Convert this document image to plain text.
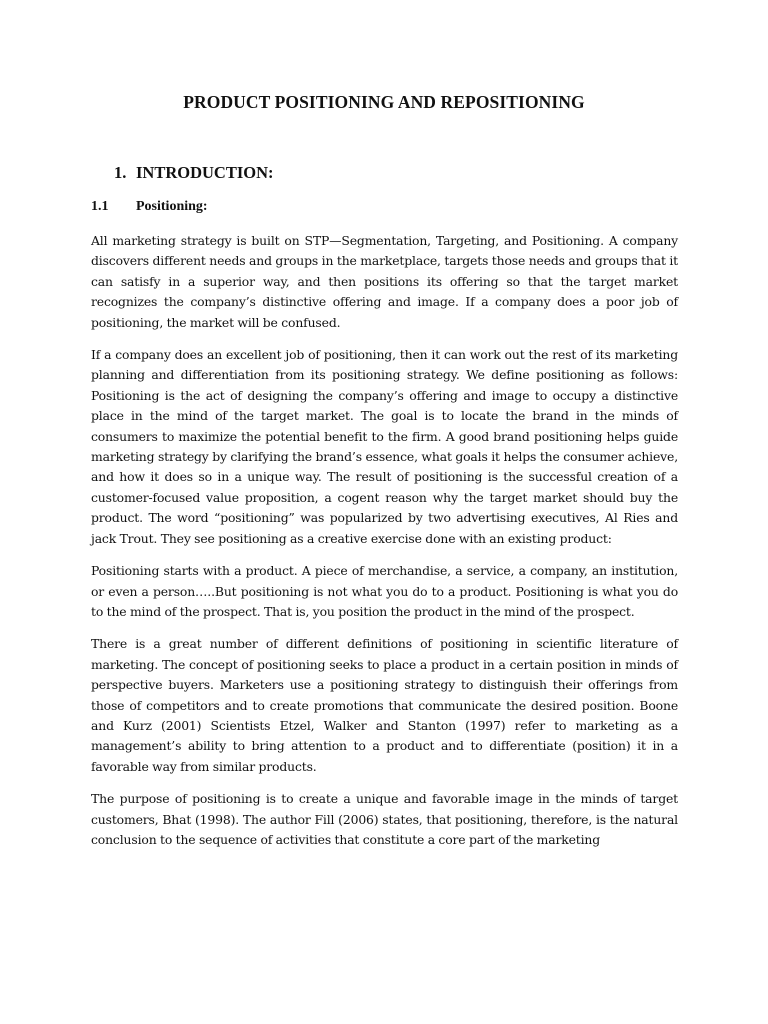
PRODUCT POSITIONING AND REPOSITIONING
1. INTRODUCTION:
1.1 Positioning:

All marketing strategy is built on STP—Segmentation, Targeting, and Positioning. A company discovers different needs and groups in the marketplace, targets those needs and groups that it can satisfy in a superior way, and then positions its offering so that the target market recognizes the company’s distinctive offering and image. If a company does a poor job of positioning, the market will be confused.

If a company does an excellent job of positioning, then it can work out the rest of its marketing planning and differentiation from its positioning strategy. We define positioning as follows: Positioning is the act of designing the company’s offering and image to occupy a distinctive place in the mind of the target market. The goal is to locate the brand in the minds of consumers to maximize the potential benefit to the firm. A good brand positioning helps guide marketing strategy by clarifying the brand’s essence, what goals it helps the consumer achieve, and how it does so in a unique way. The result of positioning is the successful creation of a customer-focused value proposition, a cogent reason why the target market should buy the product. The word “positioning” was popularized by two advertising executives, Al Ries and jack Trout. They see positioning as a creative exercise done with an existing product:

Positioning starts with a product. A piece of merchandise, a service, a company, an institution, or even a person…..But positioning is not what you do to a product. Positioning is what you do to the mind of the prospect. That is, you position the product in the mind of the prospect.

There is a great number of different definitions of positioning in scientific literature of marketing. The concept of positioning seeks to place a product in a certain position in minds of perspective buyers. Marketers use a positioning strategy to distinguish their offerings from those of competitors and to create promotions that communicate the desired position. Boone and Kurz (2001) Scientists Etzel, Walker and Stanton (1997) refer to marketing as a management’s ability to bring attention to a product and to differentiate (position) it in a favorable way from similar products.

The purpose of positioning is to create a unique and favorable image in the minds of target customers, Bhat (1998). The author Fill (2006) states, that positioning, therefore, is the natural conclusion to the sequence of activities that constitute a core part of the marketing
